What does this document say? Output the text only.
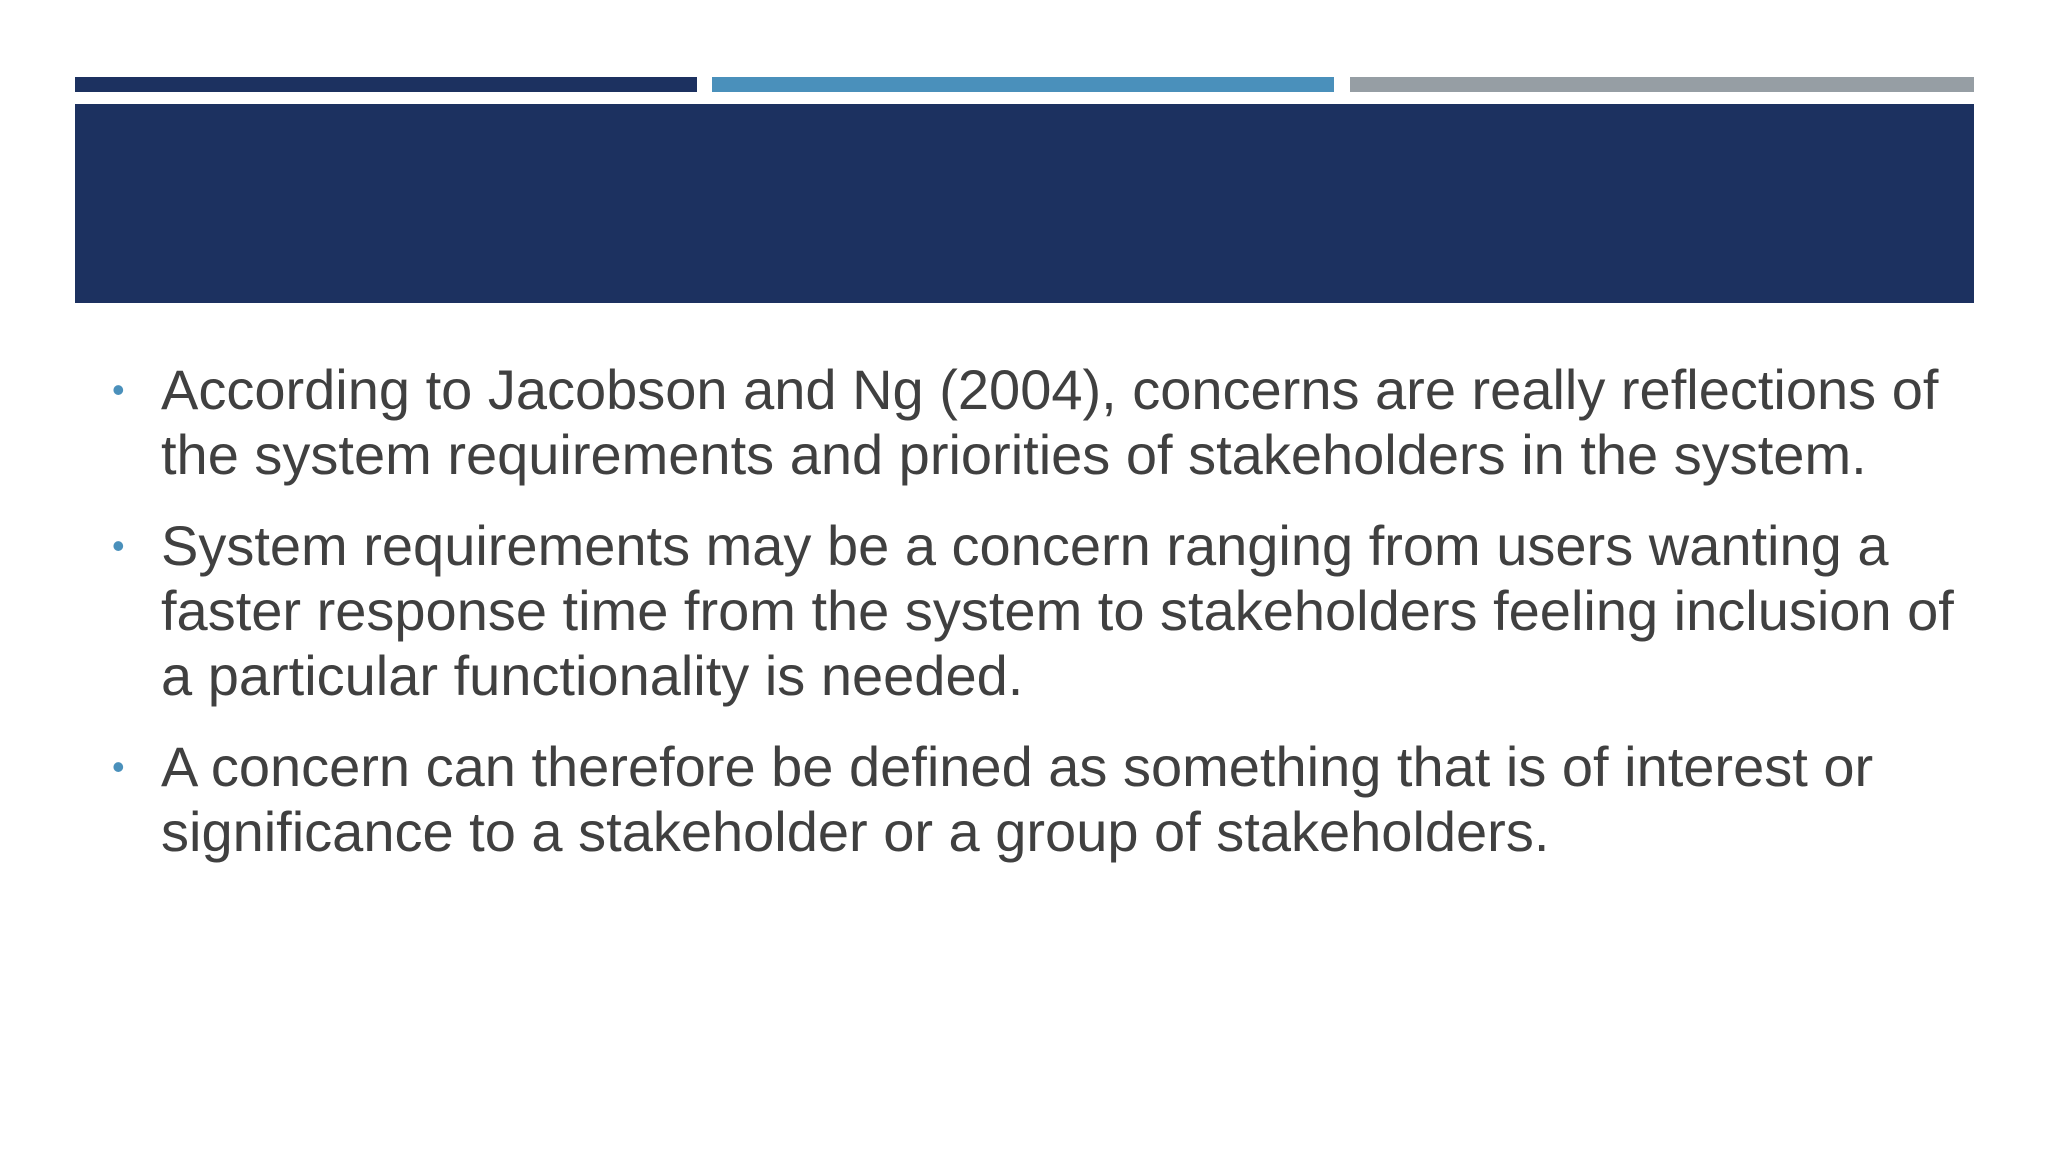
• According to Jacobson and Ng (2004), concerns are really reflections of the system requirements and priorities of stakeholders in the system.
• System requirements may be a concern ranging from users wanting a faster response time from the system to stakeholders feeling inclusion of a particular functionality is needed.
• A concern can therefore be defined as something that is of interest or significance to a stakeholder or a group of stakeholders.
